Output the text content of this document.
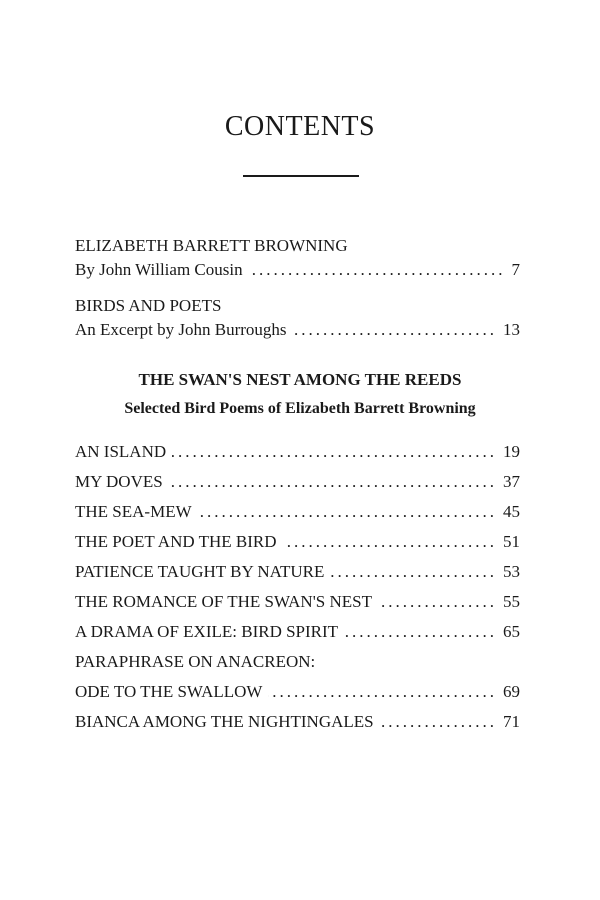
CONTENTS
ELIZABETH BARRETT BROWNING
By John William Cousin .....	7
BIRDS AND POETS
An Excerpt by John Burroughs .....	13
THE SWAN'S NEST AMONG THE REEDS
Selected Bird Poems of Elizabeth Barrett Browning
AN ISLAND .....	19
MY DOVES .....	37
THE SEA-MEW .....	45
THE POET AND THE BIRD .....	51
PATIENCE TAUGHT BY NATURE .....	53
THE ROMANCE OF THE SWAN'S NEST .....	55
A DRAMA OF EXILE: BIRD SPIRIT .....	65
PARAPHRASE ON ANACREON:
ODE TO THE SWALLOW .....	69
BIANCA AMONG THE NIGHTINGALES .....	71
